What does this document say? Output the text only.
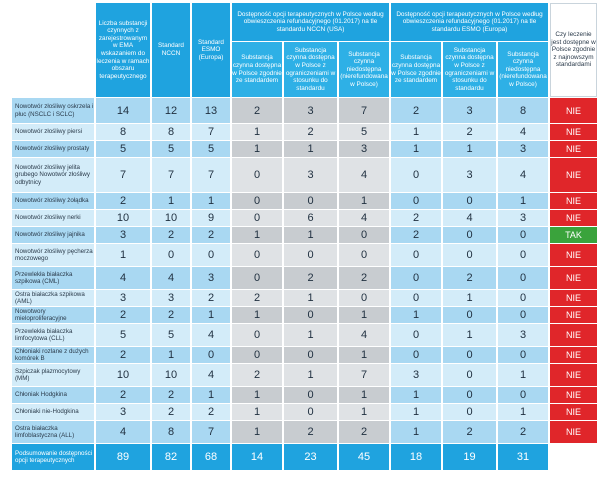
	Liczba substancji czynnych z zarejestrowanym w EMA wskazaniem do leczenia w ramach obszaru terapeutycznego	Standard NCCN	Standard ESMO (Europa)	Dostępność opcji terapeutycznych w Polsce według obwieszczenia refundacyjnego (01.2017) na tle standardu NCCN (USA)			Dostępność opcji terapeutycznych w Polsce według obwieszczenia refundacyjnego (01.2017) na tle standardu ESMO (Europa)			Czy leczenie jest dostępne w Polsce zgodnie z najnowszym standardami
				Substancja czynna dostępna w Polsce zgodnie ze standardem	Substancja czynna dostępna w Polsce z ograniczeniami w stosunku do standardu	Substancja czynna niedostępna (nierefundowana w Polsce)	Substancja czynna dostępna w Polsce zgodnie ze standardem	Substancja czynna dostępna w Polsce z ograniczeniami w stosunku do standardu	Substancja czynna niedostępna (nierefundowana w Polsce)	
Nowotwór złośliwy oskrzela i płuc (NSCLC i SCLC)	14	12	13	2	3	7	2	3	8	NIE
Nowotwór złośliwy piersi	8	8	7	1	2	5	1	2	4	NIE
Nowotwór złośliwy prostaty	5	5	5	1	1	3	1	1	3	NIE
Nowotwór złośliwy jelita grubego Nowotwór złośliwy odbytnicy	7	7	7	0	3	4	0	3	4	NIE
Nowotwór złośliwy żołądka	2	1	1	0	0	1	0	0	1	NIE
Nowotwór złośliwy nerki	10	10	9	0	6	4	2	4	3	NIE
Nowotwór złośliwy jajnika	3	2	2	1	1	0	2	0	0	TAK
Nowotwór złośliwy pęcherza moczowego	1	0	0	0	0	0	0	0	0	NIE
Przewlekła białaczka szpikowa (CML)	4	4	3	0	2	2	0	2	0	NIE
Ostra białaczka szpikowa (AML)	3	3	2	2	1	0	0	1	0	NIE
Nowotwory mieloproliferacyjne	2	2	1	1	0	1	1	0	0	NIE
Przewlekła białaczka limfocytowa (CLL)	5	5	4	0	1	4	0	1	3	NIE
Chłoniaki rozlane z dużych komórek B	2	1	0	0	0	1	0	0	0	NIE
Szpiczak plazmocytowy (MM)	10	10	4	2	1	7	3	0	1	NIE
Chłoniak Hodgkina	2	2	1	1	0	1	1	0	0	NIE
Chłoniaki nie-Hodgkina	3	2	2	1	0	1	1	0	1	NIE
Ostra białaczka limfoblastyczna (ALL)	4	8	7	1	2	2	1	2	2	NIE
Podsumowanie dostępności opcji terapeutycznych	89	82	68	14	23	45	18	19	31	
